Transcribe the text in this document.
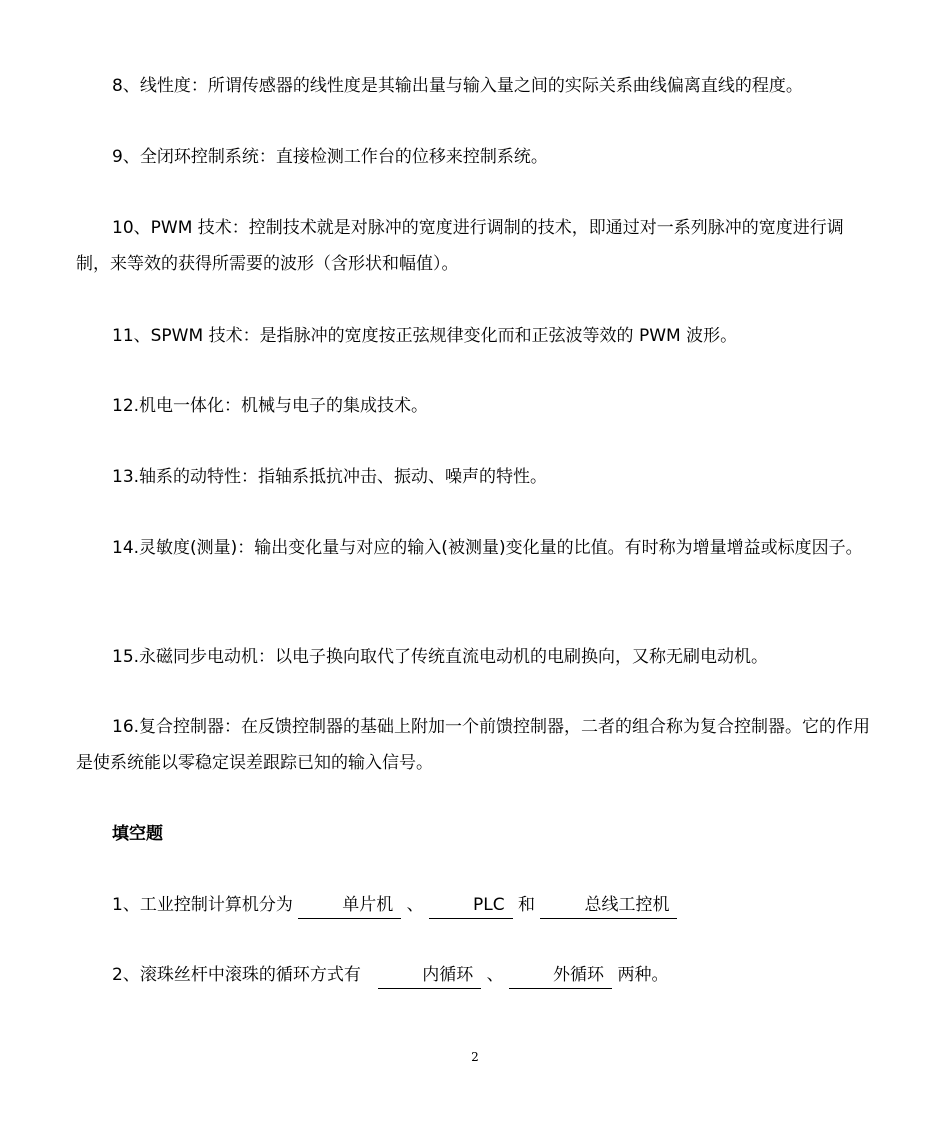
8、线性度：所谓传感器的线性度是其输出量与输入量之间的实际关系曲线偏离直线的程度。

9、全闭环控制系统：直接检测工作台的位移来控制系统。

10、PWM 技术：控制技术就是对脉冲的宽度进行调制的技术，即通过对一系列脉冲的宽度进行调制，来等效的获得所需要的波形（含形状和幅值）。

11、SPWM 技术：是指脉冲的宽度按正弦规律变化而和正弦波等效的 PWM 波形。

12.机电一体化：机械与电子的集成技术。

13.轴系的动特性：指轴系抵抗冲击、振动、噪声的特性。

14.灵敏度(测量)：输出变化量与对应的输入(被测量)变化量的比值。有时称为增量增益或标度因子。

15.永磁同步电动机：以电子换向取代了传统直流电动机的电刷换向，又称无刷电动机。

16.复合控制器：在反馈控制器的基础上附加一个前馈控制器，二者的组合称为复合控制器。它的作用是使系统能以零稳定误差跟踪已知的输入信号。

填空题

1、工业控制计算机分为	单片机 、	PLC 和	总线工控机

2、滚珠丝杆中滚珠的循环方式有	内循环 、	外循环 两种。

2
